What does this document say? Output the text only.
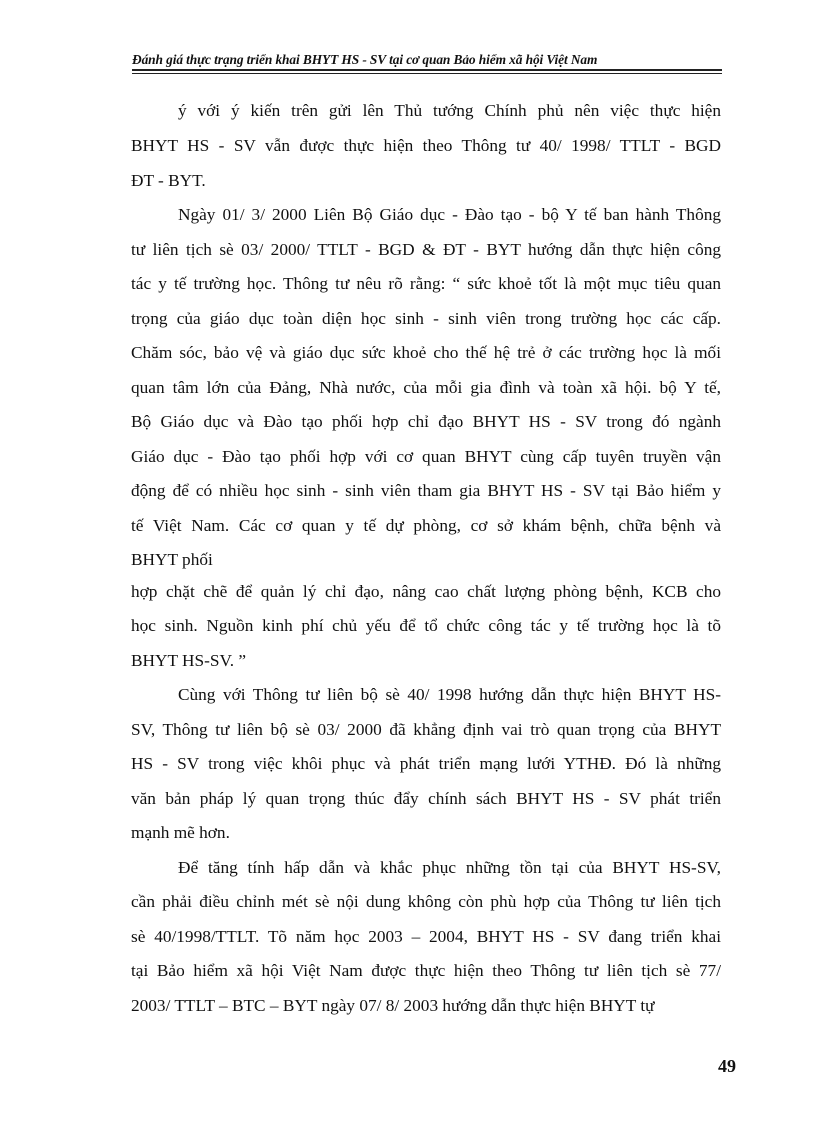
Đánh giá thực trạng triển khai BHYT HS - SV tại cơ quan Bảo hiểm xã hội Việt Nam
ý với ý kiến trên gửi lên Thủ tướng Chính phủ nên việc thực hiện
BHYT HS - SV vẫn được thực hiện theo Thông tư 40/ 1998/ TTLT - BGD
ĐT - BYT.
Ngày 01/ 3/ 2000 Liên Bộ Giáo dục - Đào tạo - bộ Y tế ban hành Thông
tư liên tịch sè 03/ 2000/ TTLT - BGD & ĐT - BYT hướng dẫn thực hiện công
tác y tế trường học. Thông tư nêu rõ rằng: “ sức khoẻ tốt là một mục tiêu quan
trọng của giáo dục toàn diện học sinh - sinh viên trong trường học các cấp.
Chăm sóc, bảo vệ và giáo dục sức khoẻ cho thế hệ trẻ ở các trường học là mối
quan tâm lớn của Đảng, Nhà nước, của mỗi gia đình và toàn xã hội. bộ Y tế,
Bộ Giáo dục và Đào tạo phối hợp chỉ đạo BHYT HS - SV trong đó ngành
Giáo dục - Đào tạo phối hợp với cơ quan BHYT cùng cấp tuyên truyền vận
động để có nhiều học sinh - sinh viên tham gia BHYT HS - SV tại Bảo hiểm y
tế Việt Nam. Các cơ quan y tế dự phòng, cơ sở khám bệnh, chữa bệnh và
BHYT phối
hợp chặt chẽ để quản lý chỉ đạo, nâng cao chất lượng phòng bệnh, KCB cho
học sinh. Nguồn kinh phí chủ yếu để tổ chức công tác y tế trường học là tõ
BHYT HS-SV. ”
Cùng với Thông tư liên bộ sè 40/ 1998 hướng dẫn thực hiện BHYT HS-
SV, Thông tư liên bộ sè 03/ 2000 đã khẳng định vai trò quan trọng của BHYT
HS - SV trong việc khôi phục và phát triển mạng lưới YTHĐ. Đó là những
văn bản pháp lý quan trọng thúc đẩy chính sách BHYT HS - SV phát triển
mạnh mẽ hơn.
Để tăng tính hấp dẫn và khắc phục những tồn tại của BHYT HS-SV,
cần phải điều chỉnh mét sè nội dung không còn phù hợp của Thông tư liên tịch
sè 40/1998/TTLT. Tõ năm học 2003 – 2004, BHYT HS - SV đang triển khai
tại Bảo hiểm xã hội Việt Nam được thực hiện theo Thông tư liên tịch sè 77/
2003/ TTLT – BTC – BYT ngày 07/ 8/ 2003 hướng dẫn thực hiện BHYT tự
49
